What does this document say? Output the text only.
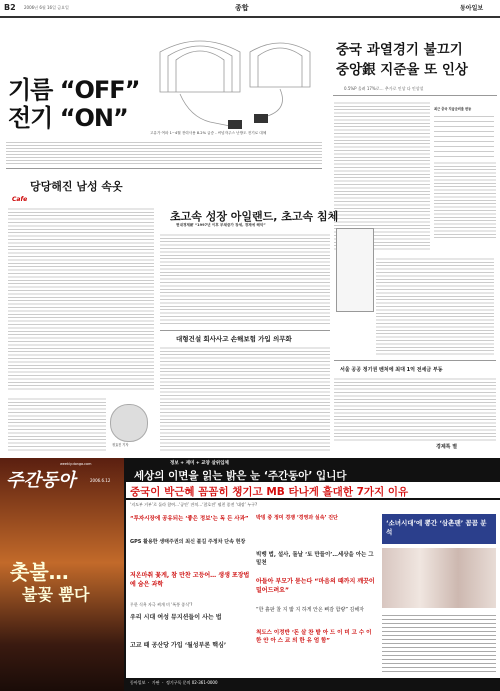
B2 2006년 6월 16일 금요일	종합	동아일보
기름 “OFF”
전기 “ON”
고유가 여파 1~4월 전력사용 8.2% 급증 - 씨넘자주스 난방도 전기로 대체
중국 과열경기 불끄기
중앙銀 지준율 또 인상
0.5%P 올려 17%로… 추가로 인상 다 인상설
최근 중국 지급준비율 변동

Cafe
당당해진 남성 속옷
정효진 기자
초고속 성장 아일랜드, 초고속 침체
현대경제硏 “1997년 이후 부채증가 장세, 경제에 해악”
대형건설 회사사고 손해보험 가입 의무화
서울 공공 정기권 벤처에 최대 1억 전세금 부동
경제톡 별
정보 + 재미 + 교양 살위입체
세상의 이면을 읽는 밝은 눈 ‘주간동아’ 입니다
주간동아
weekly.donga.com
2006.6.12
촛불…
불꽃 뿜다
중국이 박근혜 꼼꼼히 챙기고 MB 타나게 흘대한 7가지 이유
‘지도부 거부’로 돌라 참여…‘공안’ 잔치…‘참호전’ 펼친 종전 ‘대장’ 누구?
“투자시장에 공유되는 ‘좋은 정보’는 독 든 사과”
GPS 활용한 생태주권의 최신 불길 주정차 단속 현장
저온마취 꽃게, 참 만찬 고등어… 생생 포장법에 숨은 과학
무한 식욕 자극 찌개 미 ‘폭풍 종식'?
우리 시대 여성 뮤지션들이 사는 법
고교 때 공산당 가입 ‘월성부론 핵심’
박빙 중 정미 경쟁 ‘경영과 실속’ 진단
빅뱅 법, 설사, 돌날 ‘토 만들이’…세상을 아는 그 밑천
아들아 부모가 묻는다 “마음의 때까지 깨끗이 밀어드려요”
“한 흙판 찰 지 밟 지 하게 안온 삐감 함량” 김해자
척도스 이정반 ‘돈 살 찬 밭 아 드 이 미 고 수 이 한 안 아 스 교 의 한 유 엄 함”
‘소녀시대’에 뽕간 ‘삼촌팬’ 꼼꼼 분석
동아일보 ㆍ 가판 ㆍ 정기구독 문의 02-361-0000
